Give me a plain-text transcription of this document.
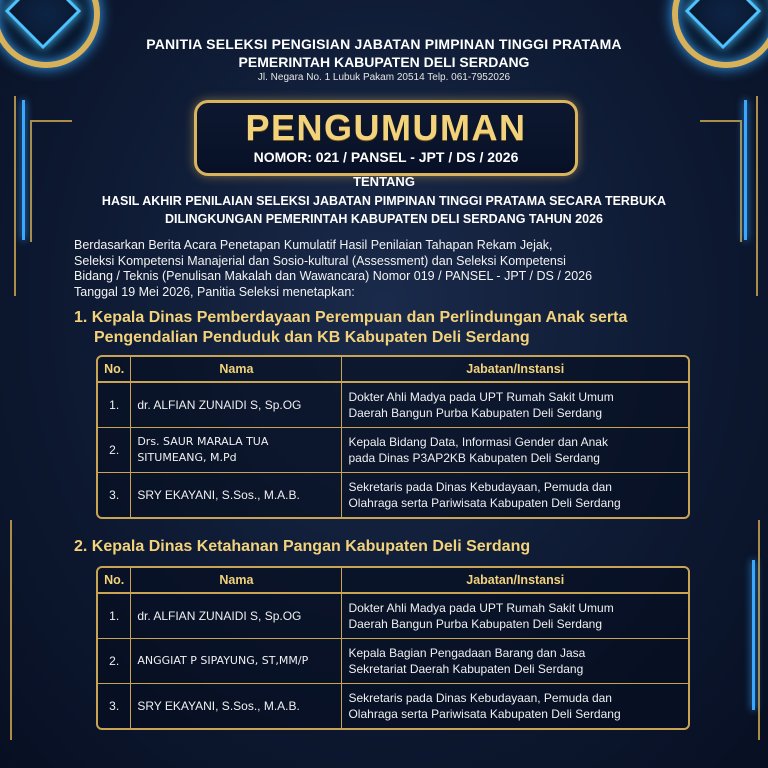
PANITIA SELEKSI PENGISIAN JABATAN PIMPINAN TINGGI PRATAMA
PEMERINTAH KABUPATEN DELI SERDANG
Jl. Negara No. 1 Lubuk Pakam 20514 Telp. 061-7952026
PENGUMUMAN
NOMOR: 021 / PANSEL - JPT / DS / 2026
TENTANG
HASIL AKHIR PENILAIAN SELEKSI JABATAN PIMPINAN TINGGI PRATAMA SECARA TERBUKA
DILINGKUNGAN PEMERINTAH KABUPATEN DELI SERDANG TAHUN 2026
Berdasarkan Berita Acara Penetapan Kumulatif Hasil Penilaian Tahapan Rekam Jejak,
Seleksi Kompetensi Manajerial dan Sosio-kultural (Assessment) dan Seleksi Kompetensi
Bidang / Teknis (Penulisan Makalah dan Wawancara) Nomor 019 / PANSEL - JPT / DS / 2026
Tanggal 19 Mei 2026, Panitia Seleksi menetapkan:
1. Kepala Dinas Pemberdayaan Perempuan dan Perlindungan Anak serta
Pengendalian Penduduk dan KB Kabupaten Deli Serdang
No.	Nama	Jabatan/Instansi
1.	dr. ALFIAN ZUNAIDI S, Sp.OG	Dokter Ahli Madya pada UPT Rumah Sakit Umum
Daerah Bangun Purba Kabupaten Deli Serdang

2.	Drs. SAUR MARALA TUA SITUMEANG, M.Pd	Kepala Bidang Data, Informasi Gender dan Anak
pada Dinas P3AP2KB Kabupaten Deli Serdang

3.	SRY EKAYANI, S.Sos., M.A.B.	Sekretaris pada Dinas Kebudayaan, Pemuda dan
Olahraga serta Pariwisata Kabupaten Deli Serdang
2. Kepala Dinas Ketahanan Pangan Kabupaten Deli Serdang
No.	Nama	Jabatan/Instansi
1.	dr. ALFIAN ZUNAIDI S, Sp.OG	Dokter Ahli Madya pada UPT Rumah Sakit Umum
Daerah Bangun Purba Kabupaten Deli Serdang

2.	ANGGIAT P SIPAYUNG, ST,MM/P	Kepala Bagian Pengadaan Barang dan Jasa
Sekretariat Daerah Kabupaten Deli Serdang

3.	SRY EKAYANI, S.Sos., M.A.B.	Sekretaris pada Dinas Kebudayaan, Pemuda dan
Olahraga serta Pariwisata Kabupaten Deli Serdang
